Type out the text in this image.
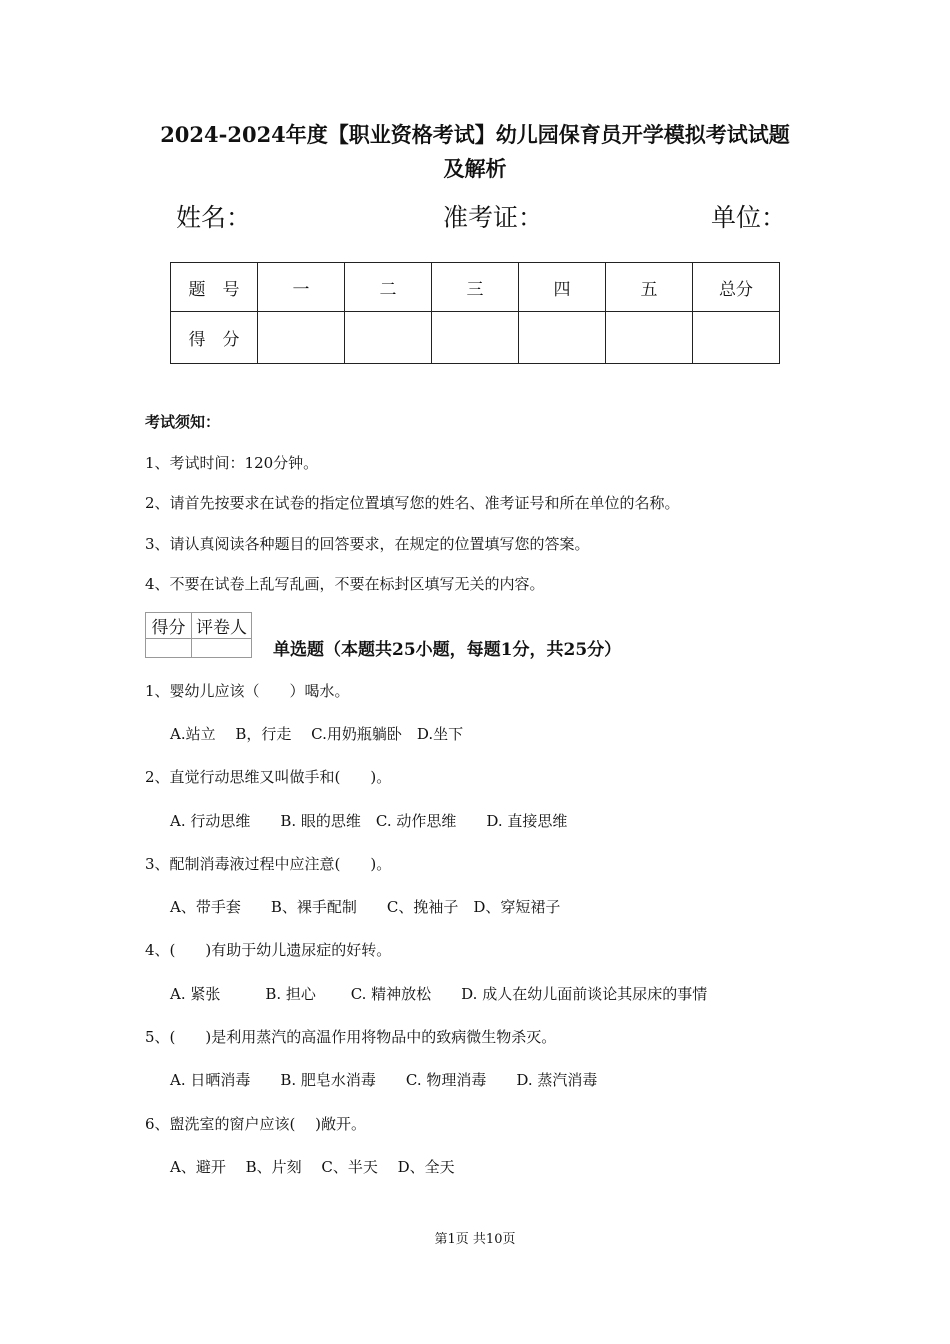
2024-2024年度【职业资格考试】幼儿园保育员开学模拟考试试题
及解析
姓名：	准考证：	单位：
题　号	一	二	三	四	五	总分
得　分						
考试须知：
1、考试时间：120分钟。
2、请首先按要求在试卷的指定位置填写您的姓名、准考证号和所在单位的名称。
3、请认真阅读各种题目的回答要求，在规定的位置填写您的答案。
4、不要在试卷上乱写乱画，不要在标封区填写无关的内容。
得分	评卷人

单选题（本题共25小题，每题1分，共25分）
1、婴幼儿应该（　　）喝水。
A.站立　 B，行走　 C.用奶瓶躺卧　D.坐下
2、直觉行动思维又叫做手和(　　)。
A. 行动思维　　B. 眼的思维　C. 动作思维　　D. 直接思维
3、配制消毒液过程中应注意(　　)。
A、带手套　　B、裸手配制　　C、挽袖子　D、穿短裙子
4、(　　)有助于幼儿遗尿症的好转。
A. 紧张　　　B. 担心　　 C. 精神放松　　D. 成人在幼儿面前谈论其尿床的事情
5、(　　)是利用蒸汽的高温作用将物品中的致病微生物杀灭。
A. 日晒消毒　　B. 肥皂水消毒　　C. 物理消毒　　D. 蒸汽消毒
6、盥洗室的窗户应该(　 )敞开。
A、避开　 B、片刻　 C、半天　 D、全天
第1页 共10页
